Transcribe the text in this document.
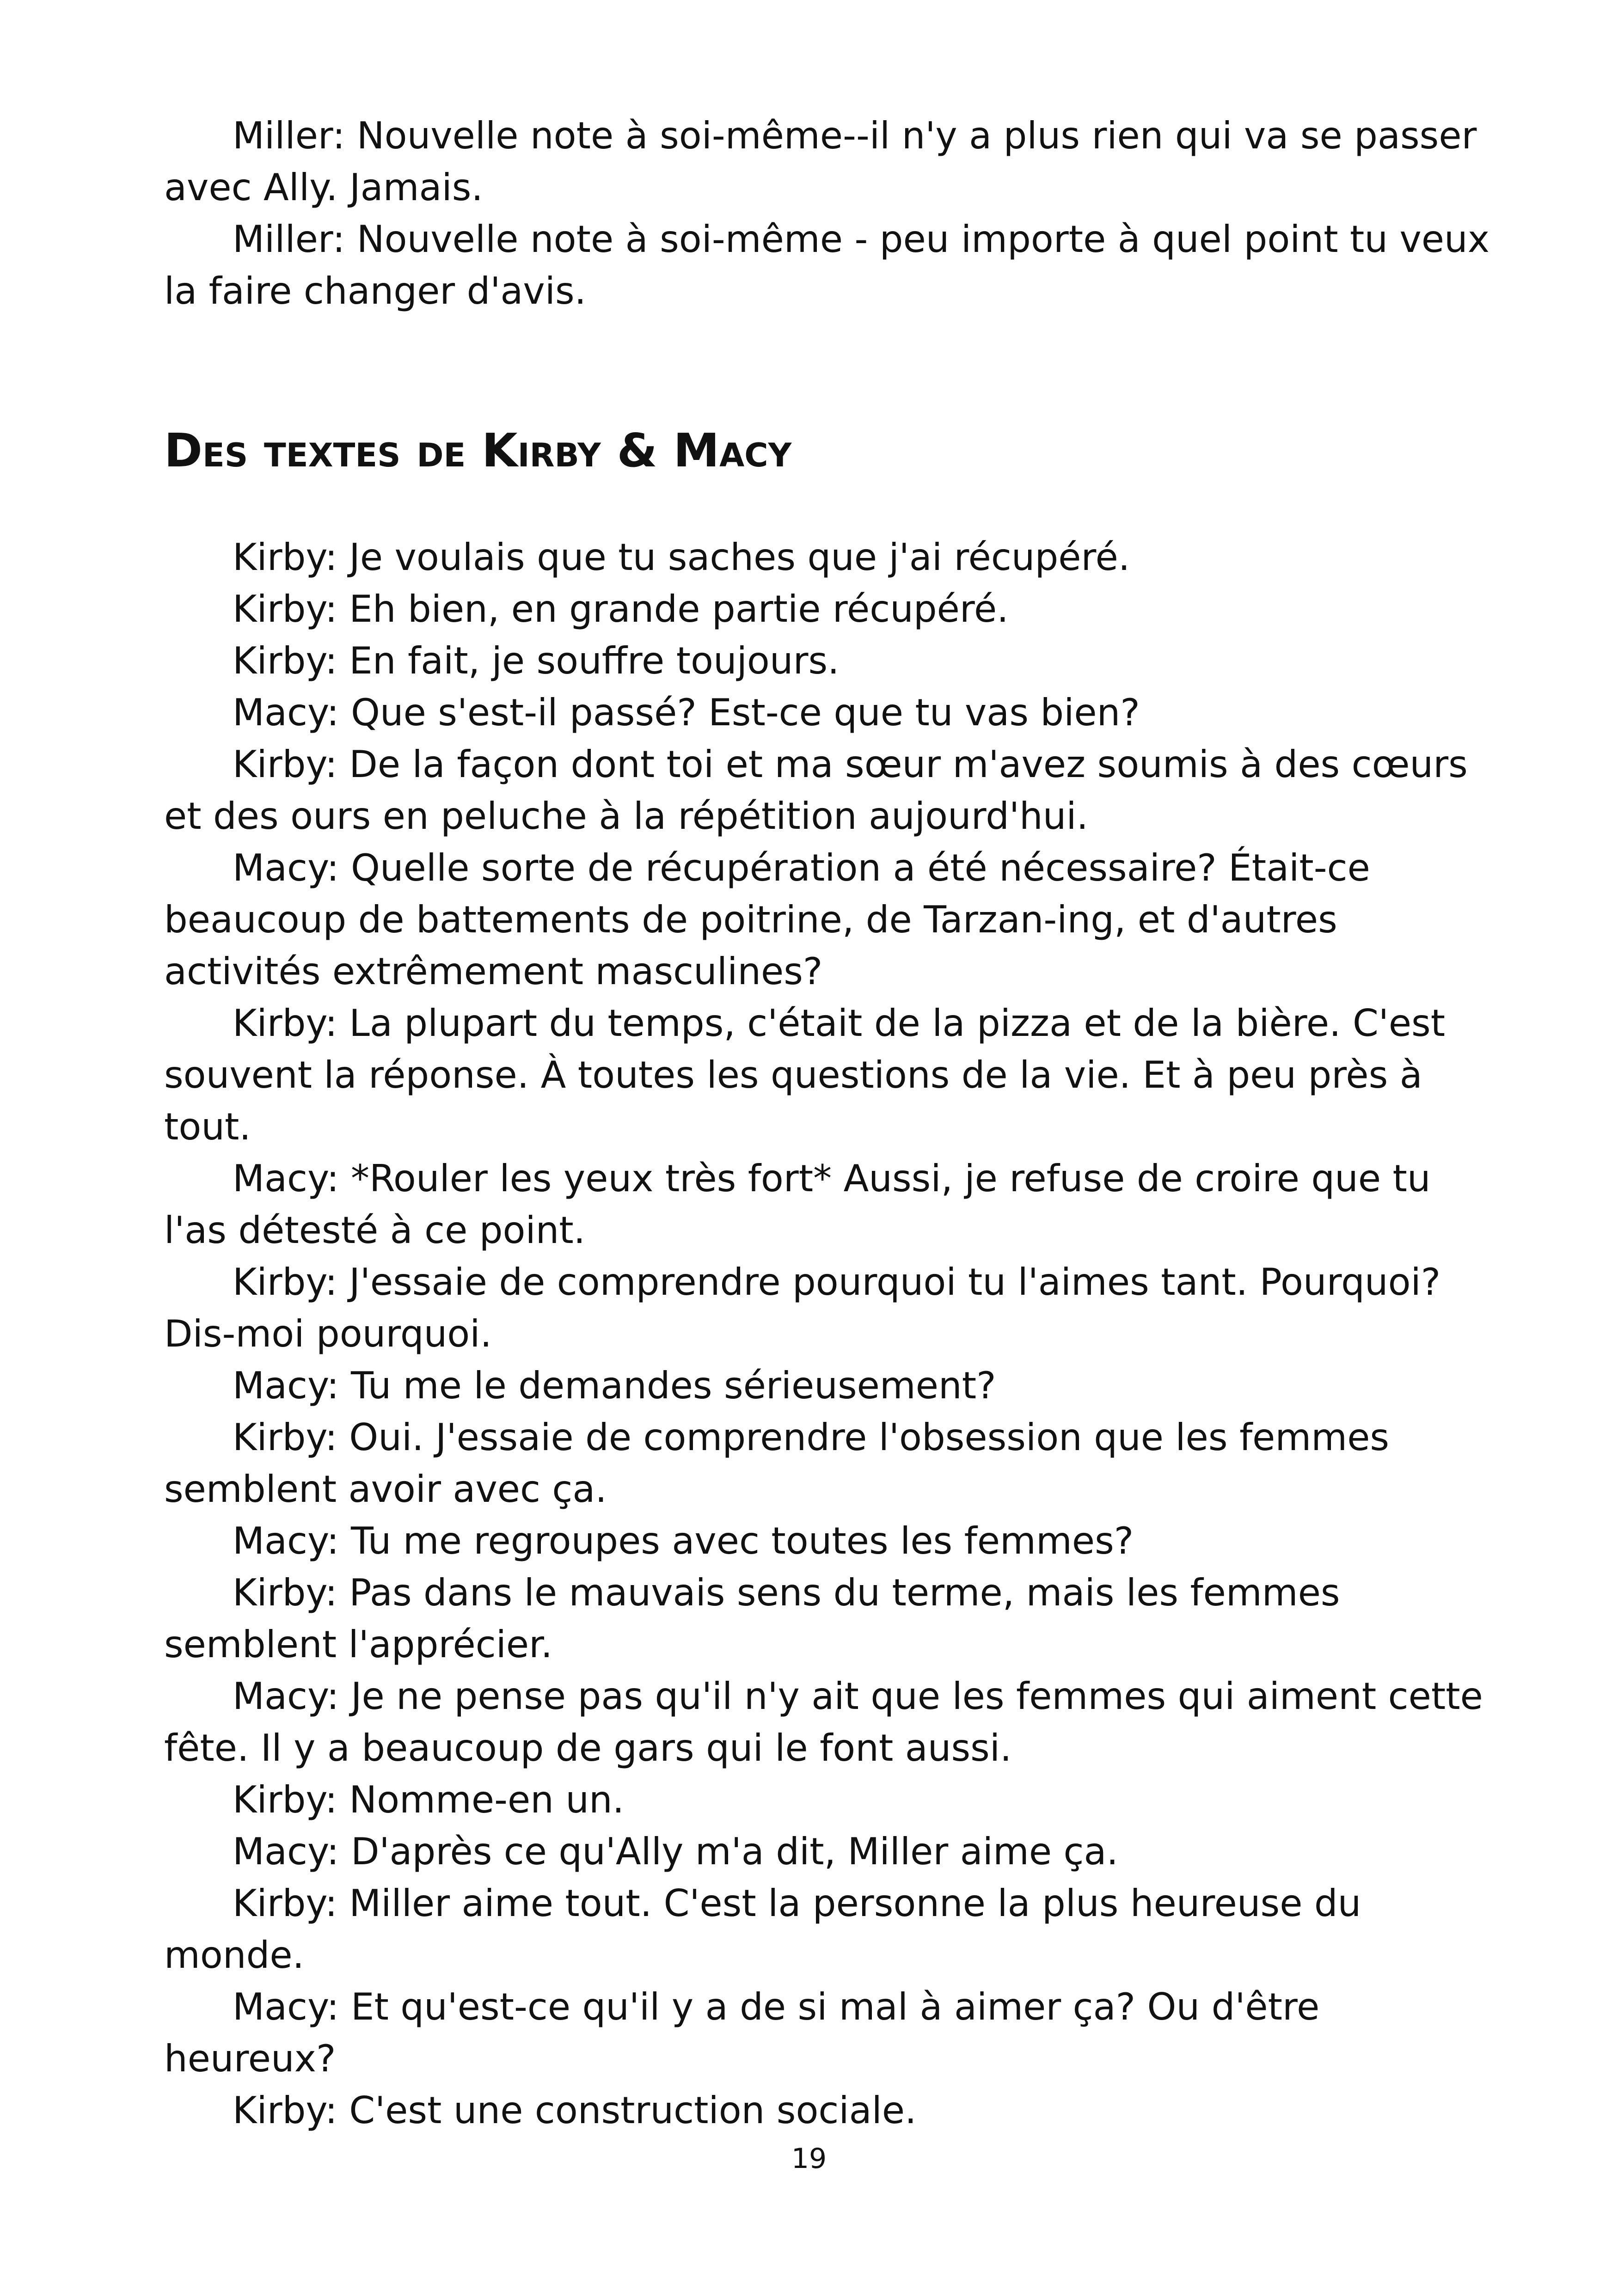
Miller: Nouvelle note à soi-même--il n'y a plus rien qui va se passer avec Ally. Jamais.

Miller: Nouvelle note à soi-même - peu importe à quel point tu veux la faire changer d'avis.

Des textes de Kirby & Macy

Kirby: Je voulais que tu saches que j'ai récupéré.

Kirby: Eh bien, en grande partie récupéré.

Kirby: En fait, je souffre toujours.

Macy: Que s'est-il passé? Est-ce que tu vas bien?

Kirby: De la façon dont toi et ma sœur m'avez soumis à des cœurs et des ours en peluche à la répétition aujourd'hui.

Macy: Quelle sorte de récupération a été nécessaire? Était-ce beaucoup de battements de poitrine, de Tarzan-ing, et d'autres activités extrêmement masculines?

Kirby: La plupart du temps, c'était de la pizza et de la bière. C'est souvent la réponse. À toutes les questions de la vie. Et à peu près à tout.

Macy: *Rouler les yeux très fort* Aussi, je refuse de croire que tu l'as détesté à ce point.

Kirby: J'essaie de comprendre pourquoi tu l'aimes tant. Pourquoi? Dis-moi pourquoi.

Macy: Tu me le demandes sérieusement?

Kirby: Oui. J'essaie de comprendre l'obsession que les femmes semblent avoir avec ça.

Macy: Tu me regroupes avec toutes les femmes?

Kirby: Pas dans le mauvais sens du terme, mais les femmes semblent l'apprécier.

Macy: Je ne pense pas qu'il n'y ait que les femmes qui aiment cette fête. Il y a beaucoup de gars qui le font aussi.

Kirby: Nomme-en un.

Macy: D'après ce qu'Ally m'a dit, Miller aime ça.

Kirby: Miller aime tout. C'est la personne la plus heureuse du monde.

Macy: Et qu'est-ce qu'il y a de si mal à aimer ça? Ou d'être heureux?

Kirby: C'est une construction sociale.

19
